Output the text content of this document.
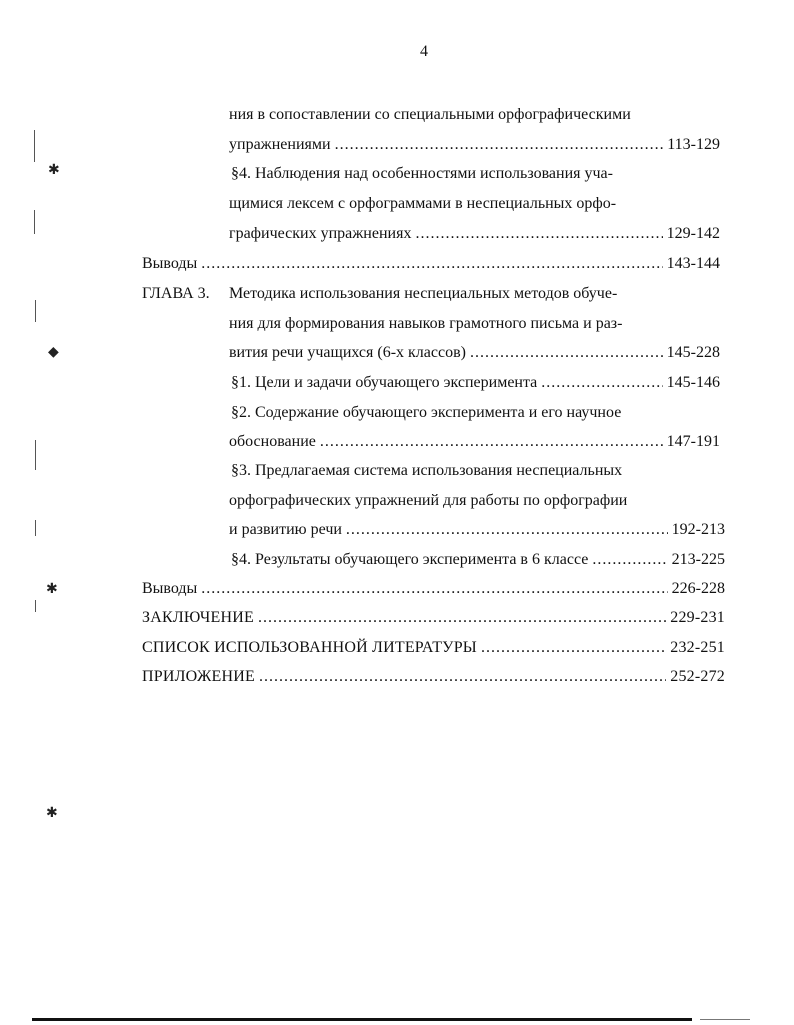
4
ния в сопоставлении со специальными орфографическими
упражнениями .....	113-129
§4. Наблюдения над особенностями использования уча-
щимися лексем с орфограммами в неспециальных орфо-
графических упражнениях .....	129-142
Выводы .....	143-144
ГЛАВА 3. Методика использования неспециальных методов обуче-
ния для формирования навыков грамотного письма и раз-
вития речи учащихся (6-х классов) .....	145-228
§1. Цели и задачи обучающего эксперимента .....	145-146
§2. Содержание обучающего эксперимента и его научное
обоснование .....	147-191
§3. Предлагаемая система использования неспециальных
орфографических упражнений для работы по орфографии
и развитию речи .....	192-213
§4. Результаты обучающего эксперимента в 6 классе .....	213-225
Выводы .....	226-228
ЗАКЛЮЧЕНИЕ .....	229-231
СПИСОК ИСПОЛЬЗОВАННОЙ ЛИТЕРАТУРЫ .....	232-251
ПРИЛОЖЕНИЕ .....	252-272
✱
◆
✱
✱
